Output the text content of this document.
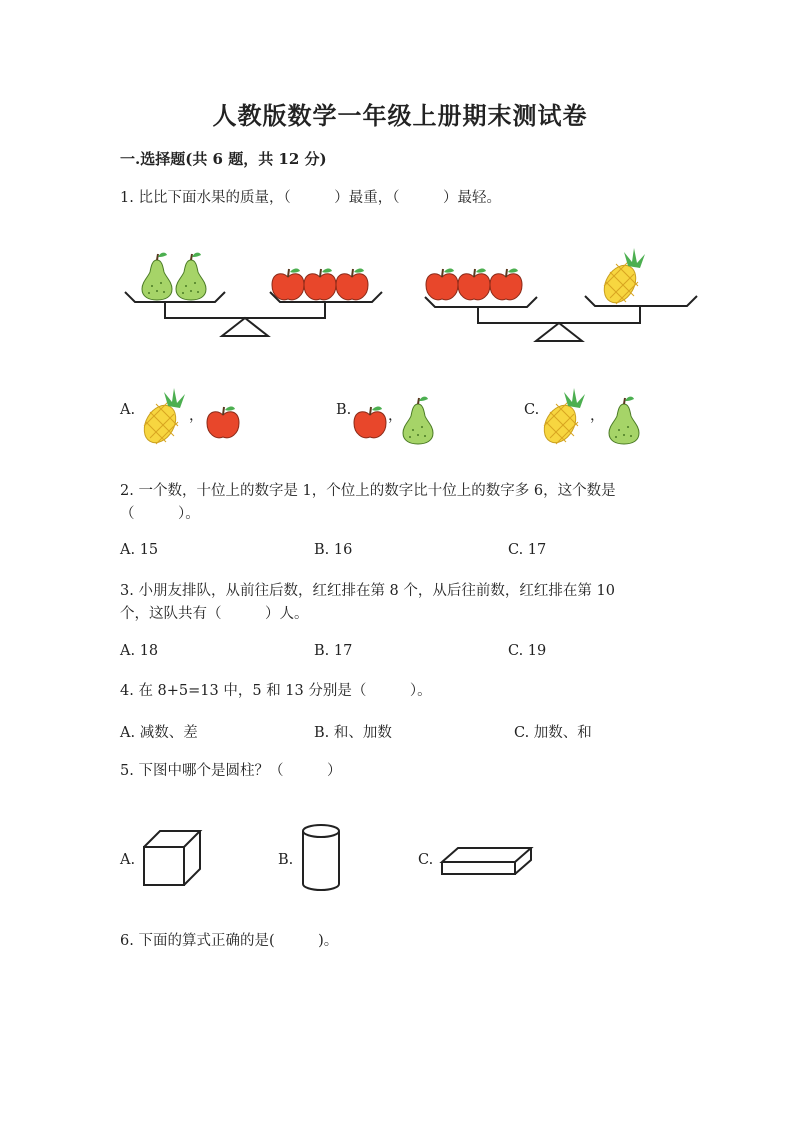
人教版数学一年级上册期末测试卷
一.选择题(共 6 题，共 12 分)
1. 比比下面水果的质量，（　　　）最重，（　　　）最轻。
A.	，	B.	，	C.	，
2. 一个数，十位上的数字是 1，个位上的数字比十位上的数字多 6，这个数是
（　　　）。
A. 15	B. 16	C. 17
3. 小朋友排队，从前往后数，红红排在第 8 个，从后往前数，红红排在第 10
个，这队共有（　　　）人。
A. 18	B. 17	C. 19
4. 在 8+5=13 中，5 和 13 分别是（　　　）。
A. 减数、差	B. 和、加数	C. 加数、和
5. 下图中哪个是圆柱？（　　　）
A.	B.	C.
6. 下面的算式正确的是(　　　)。
